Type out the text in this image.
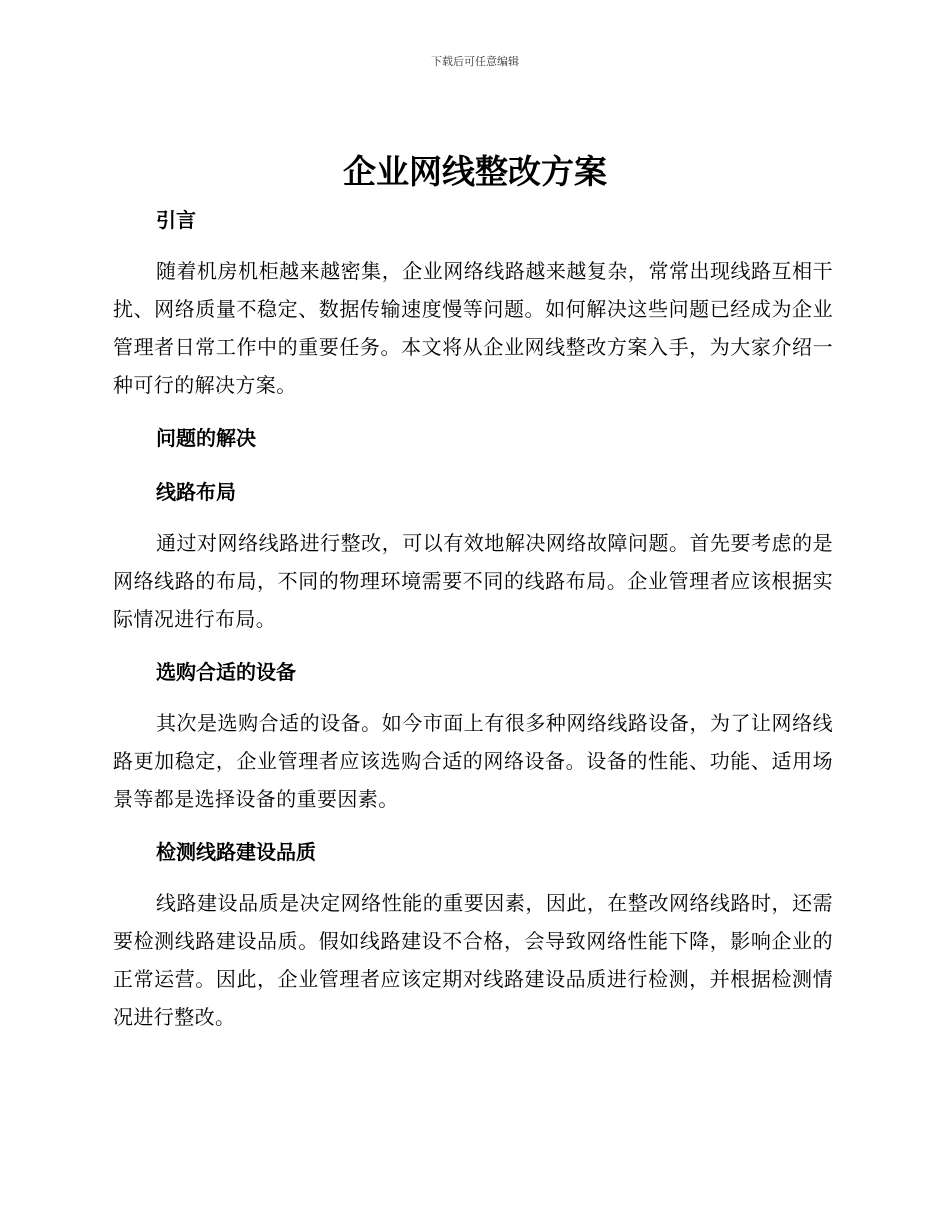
下载后可任意编辑
企业网线整改方案
引言

随着机房机柜越来越密集，企业网络线路越来越复杂，常常出现线路互相干扰、网络质量不稳定、数据传输速度慢等问题。如何解决这些问题已经成为企业管理者日常工作中的重要任务。本文将从企业网线整改方案入手，为大家介绍一种可行的解决方案。

问题的解决
线路布局

通过对网络线路进行整改，可以有效地解决网络故障问题。首先要考虑的是网络线路的布局，不同的物理环境需要不同的线路布局。企业管理者应该根据实际情况进行布局。

选购合适的设备

其次是选购合适的设备。如今市面上有很多种网络线路设备，为了让网络线路更加稳定，企业管理者应该选购合适的网络设备。设备的性能、功能、适用场景等都是选择设备的重要因素。

检测线路建设品质

线路建设品质是决定网络性能的重要因素，因此，在整改网络线路时，还需要检测线路建设品质。假如线路建设不合格，会导致网络性能下降，影响企业的正常运营。因此，企业管理者应该定期对线路建设品质进行检测，并根据检测情况进行整改。
